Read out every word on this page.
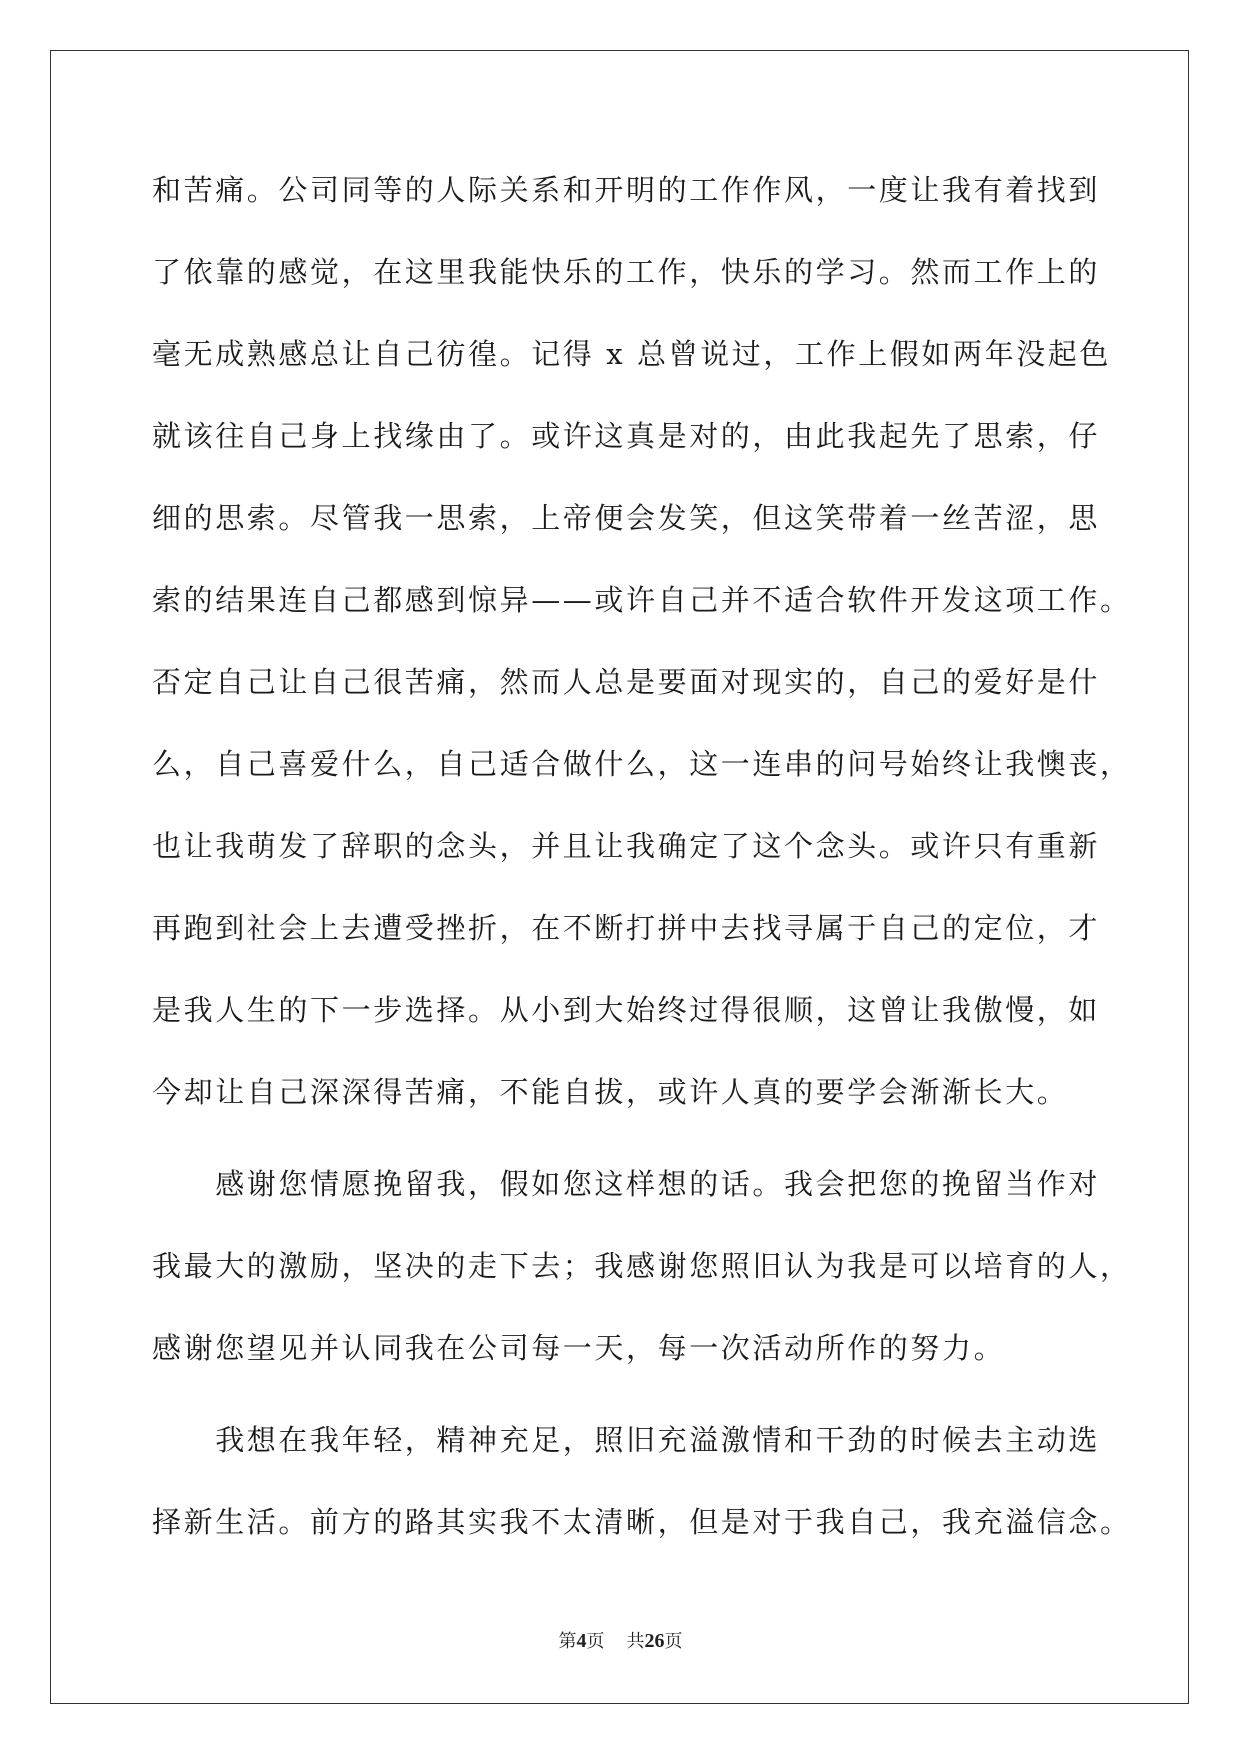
和苦痛。公司同等的人际关系和开明的工作作风，一度让我有着找到
了依靠的感觉，在这里我能快乐的工作，快乐的学习。然而工作上的
毫无成熟感总让自己彷徨。记得 x 总曾说过，工作上假如两年没起色
就该往自己身上找缘由了。或许这真是对的，由此我起先了思索，仔
细的思索。尽管我一思索，上帝便会发笑，但这笑带着一丝苦涩，思
索的结果连自己都感到惊异——或许自己并不适合软件开发这项工作。
否定自己让自己很苦痛，然而人总是要面对现实的，自己的爱好是什
么，自己喜爱什么，自己适合做什么，这一连串的问号始终让我懊丧，
也让我萌发了辞职的念头，并且让我确定了这个念头。或许只有重新
再跑到社会上去遭受挫折，在不断打拼中去找寻属于自己的定位，才
是我人生的下一步选择。从小到大始终过得很顺，这曾让我傲慢，如
今却让自己深深得苦痛，不能自拔，或许人真的要学会渐渐长大。
　　感谢您情愿挽留我，假如您这样想的话。我会把您的挽留当作对
我最大的激励，坚决的走下去；我感谢您照旧认为我是可以培育的人，
感谢您望见并认同我在公司每一天，每一次活动所作的努力。
　　我想在我年轻，精神充足，照旧充溢激情和干劲的时候去主动选
择新生活。前方的路其实我不太清晰，但是对于我自己，我充溢信念。
第4页 共26页
